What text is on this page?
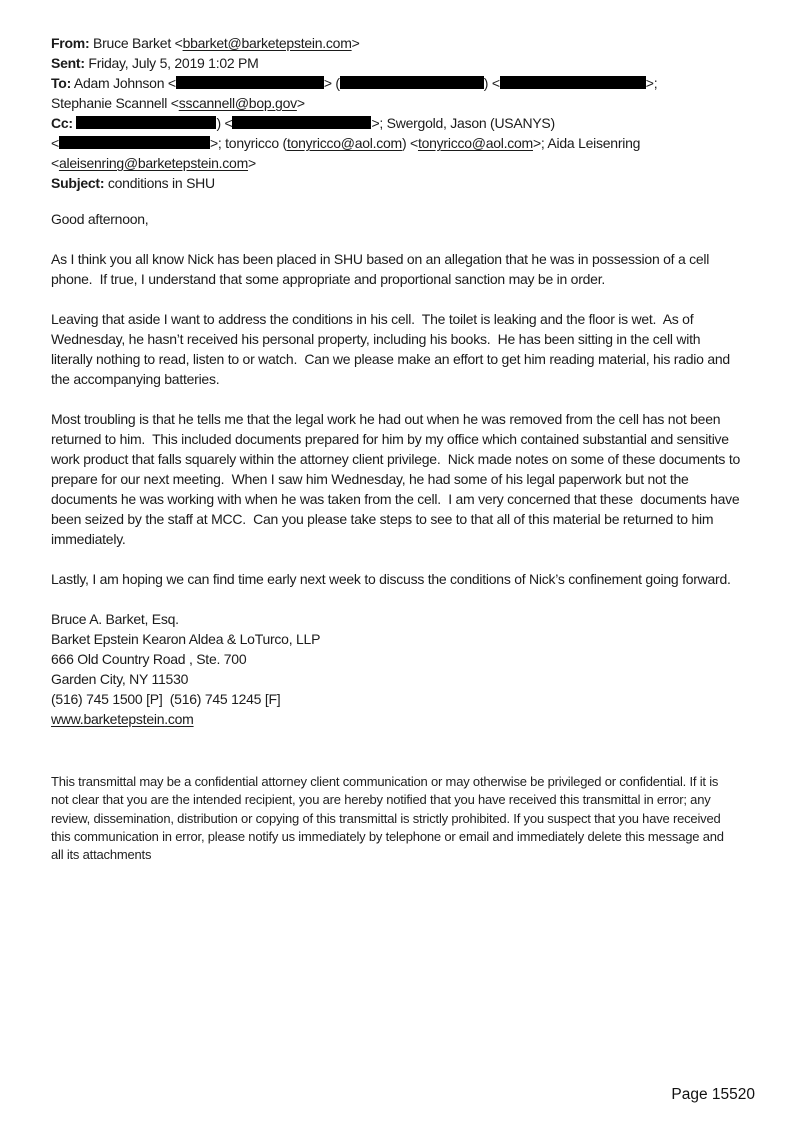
From: Bruce Barket <bbarket@barketepstein.com>
Sent: Friday, July 5, 2019 1:02 PM
To: Adam Johnson <	> (	) <	>;
Stephanie Scannell <sscannell@bop.gov>
Cc:	) <	>; Swergold, Jason (USANYS)
<	>; tonyricco (tonyricco@aol.com) <tonyricco@aol.com>; Aida Leisenring
<aleisenring@barketepstein.com>
Subject: conditions in SHU

Good afternoon,

As I think you all know Nick has been placed in SHU based on an allegation that he was in possession of a cell phone.  If true, I understand that some appropriate and proportional sanction may be in order.

Leaving that aside I want to address the conditions in his cell.  The toilet is leaking and the floor is wet.  As of Wednesday, he hasn’t received his personal property, including his books.  He has been sitting in the cell with literally nothing to read, listen to or watch.  Can we please make an effort to get him reading material, his radio and the accompanying batteries.

Most troubling is that he tells me that the legal work he had out when he was removed from the cell has not been returned to him.  This included documents prepared for him by my office which contained substantial and sensitive work product that falls squarely within the attorney client privilege.  Nick made notes on some of these documents to prepare for our next meeting.  When I saw him Wednesday, he had some of his legal paperwork but not the documents he was working with when he was taken from the cell.  I am very concerned that these  documents have been seized by the staff at MCC.  Can you please take steps to see to that all of this material be returned to him immediately.

Lastly, I am hoping we can find time early next week to discuss the conditions of Nick’s confinement going forward.

Bruce A. Barket, Esq.
Barket Epstein Kearon Aldea & LoTurco, LLP
666 Old Country Road , Ste. 700
Garden City, NY 11530
(516) 745 1500 [P]  (516) 745 1245 [F]
www.barketepstein.com

This transmittal may be a confidential attorney client communication or may otherwise be privileged or confidential. If it is not clear that you are the intended recipient, you are hereby notified that you have received this transmittal in error; any review, dissemination, distribution or copying of this transmittal is strictly prohibited. If you suspect that you have received this communication in error, please notify us immediately by telephone or email and immediately delete this message and all its attachments

Page 15520
